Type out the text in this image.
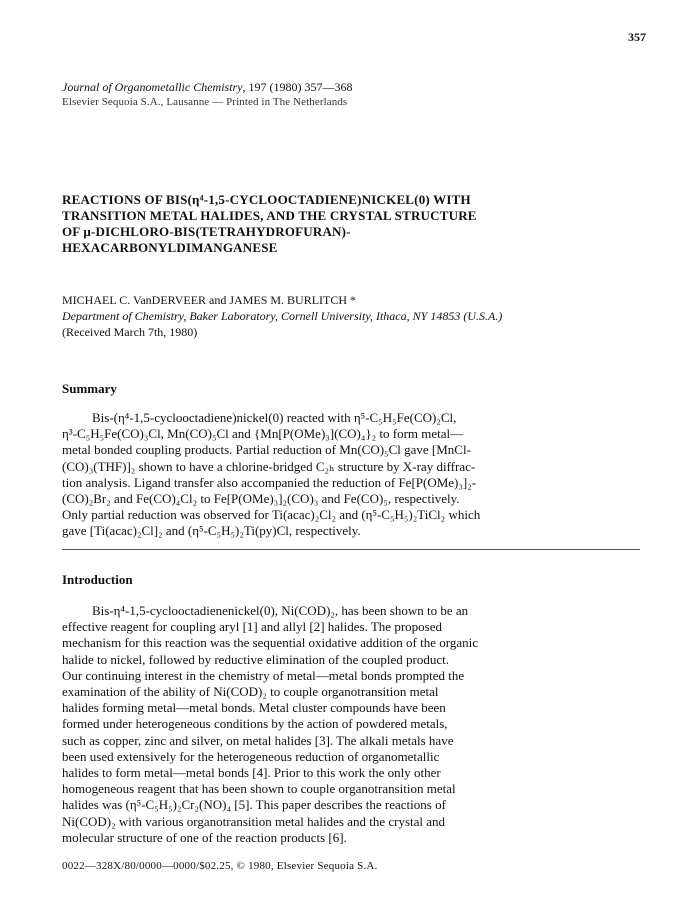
357
Journal of Organometallic Chemistry, 197 (1980) 357—368
Elsevier Sequoia S.A., Lausanne — Printed in The Netherlands
REACTIONS OF BIS(η⁴-1,5-CYCLOOCTADIENE)NICKEL(0) WITH
TRANSITION METAL HALIDES, AND THE CRYSTAL STRUCTURE
OF μ-DICHLORO-BIS(TETRAHYDROFURAN)-
HEXACARBONYLDIMANGANESE
MICHAEL C. VanDERVEER and JAMES M. BURLITCH *
Department of Chemistry, Baker Laboratory, Cornell University, Ithaca, NY 14853 (U.S.A.)
(Received March 7th, 1980)
Summary
Bis-(η⁴-1,5-cyclooctadiene)nickel(0) reacted with η⁵-C₅H₅Fe(CO)₂Cl,
η³-C₅H₅Fe(CO)₃Cl, Mn(CO)₅Cl and {Mn[P(OMe)₃](CO)₄}₂ to form metal—
metal bonded coupling products. Partial reduction of Mn(CO)₅Cl gave [MnCl-
(CO)₃(THF)]₂ shown to have a chlorine-bridged C₂ₕ structure by X-ray diffrac-
tion analysis. Ligand transfer also accompanied the reduction of Fe[P(OMe)₃]₂-
(CO)₂Br₂ and Fe(CO)₄Cl₂ to Fe[P(OMe)₃]₂(CO)₃ and Fe(CO)₅, respectively.
Only partial reduction was observed for Ti(acac)₂Cl₂ and (η⁵-C₅H₅)₂TiCl₂ which
gave [Ti(acac)₂Cl]₂ and (η⁵-C₅H₅)₂Ti(py)Cl, respectively.
Introduction
Bis-η⁴-1,5-cyclooctadienenickel(0), Ni(COD)₂, has been shown to be an
effective reagent for coupling aryl [1] and allyl [2] halides. The proposed
mechanism for this reaction was the sequential oxidative addition of the organic
halide to nickel, followed by reductive elimination of the coupled product.
Our continuing interest in the chemistry of metal—metal bonds prompted the
examination of the ability of Ni(COD)₂ to couple organotransition metal
halides forming metal—metal bonds. Metal cluster compounds have been
formed under heterogeneous conditions by the action of powdered metals,
such as copper, zinc and silver, on metal halides [3]. The alkali metals have
been used extensively for the heterogeneous reduction of organometallic
halides to form metal—metal bonds [4]. Prior to this work the only other
homogeneous reagent that has been shown to couple organotransition metal
halides was (η⁵-C₅H₅)₂Cr₂(NO)₄ [5]. This paper describes the reactions of
Ni(COD)₂ with various organotransition metal halides and the crystal and
molecular structure of one of the reaction products [6].
0022—328X/80/0000—0000/$02.25, © 1980, Elsevier Sequoia S.A.
